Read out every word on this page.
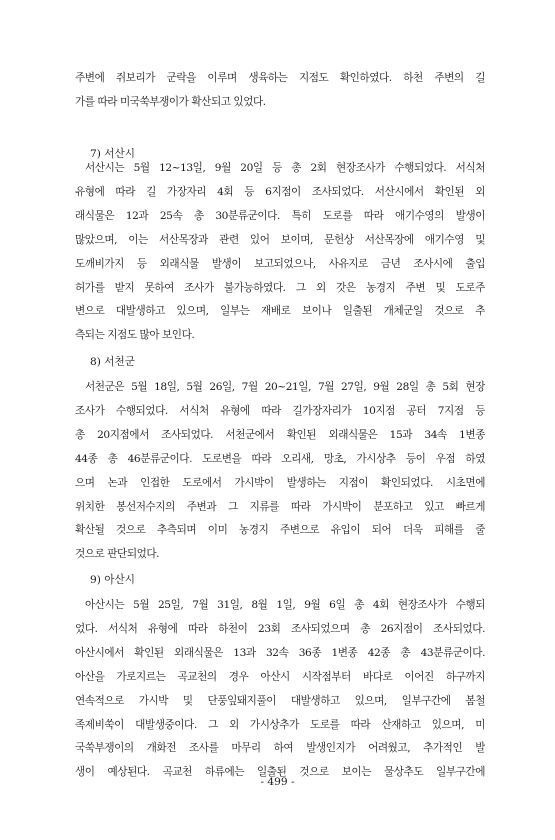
주변에 쥐보리가 군락을 이루며 생육하는 지점도 확인하였다. 하천 주변의 길
가를 따라 미국쑥부쟁이가 확산되고 있었다.

7) 서산시

서산시는 5월 12~13일, 9월 20일 등 총 2회 현장조사가 수행되었다. 서식처
유형에 따라 길 가장자리 4회 등 6지점이 조사되었다. 서산시에서 확인된 외
래식물은 12과 25속 총 30분류군이다. 특히 도로를 따라 애기수영의 발생이
많았으며, 이는 서산목장과 관련 있어 보이며, 문헌상 서산목장에 애기수영 및
도깨비가지 등 외래식물 발생이 보고되었으나, 사유지로 금년 조사시에 출입
허가를 받지 못하여 조사가 불가능하였다. 그 외 갓은 농경지 주변 및 도로주
변으로 대발생하고 있으며, 일부는 재배로 보이나 일출된 개체군일 것으로 추
측되는 지점도 많아 보인다.

8) 서천군

서천군은 5월 18일, 5월 26일, 7월 20~21일, 7월 27일, 9월 28일 총 5회 현장
조사가 수행되었다. 서식처 유형에 따라 길가장자리가 10지점 공터 7지점 등
총 20지점에서 조사되었다. 서천군에서 확인된 외래식물은 15과 34속 1변종
44종 총 46분류군이다. 도로변을 따라 오리새, 망초, 가시상추 등이 우점 하였
으며 논과 인접한 도로에서 가시박이 발생하는 지점이 확인되었다. 시초면에
위치한 봉선저수지의 주변과 그 지류를 따라 가시박이 분포하고 있고 빠르게
확산될 것으로 추측되며 이미 농경지 주변으로 유입이 되어 더욱 피해를 줄
것으로 판단되었다.

9) 아산시

아산시는 5월 25일, 7월 31일, 8월 1일, 9월 6일 총 4회 현장조사가 수행되
었다. 서식처 유형에 따라 하천이 23회 조사되었으며 총 26지점이 조사되었다.
아산시에서 확인된 외래식물은 13과 32속 36종 1변종 42종 총 43분류군이다.
아산을 가로지르는 곡교천의 경우 아산시 시작점부터 바다로 이어진 하구까지
연속적으로 가시박 및 단풍잎돼지풀이 대발생하고 있으며, 일부구간에 봄철
족제비쑥이 대발생중이다. 그 외 가시상추가 도로를 따라 산재하고 있으며, 미
국쑥부쟁이의 개화전 조사를 마무리 하여 발생인지가 어려웠고, 추가적인 발
생이 예상된다. 곡교천 하류에는 일출된 것으로 보이는 물상추도 일부구간에

- 499 -
